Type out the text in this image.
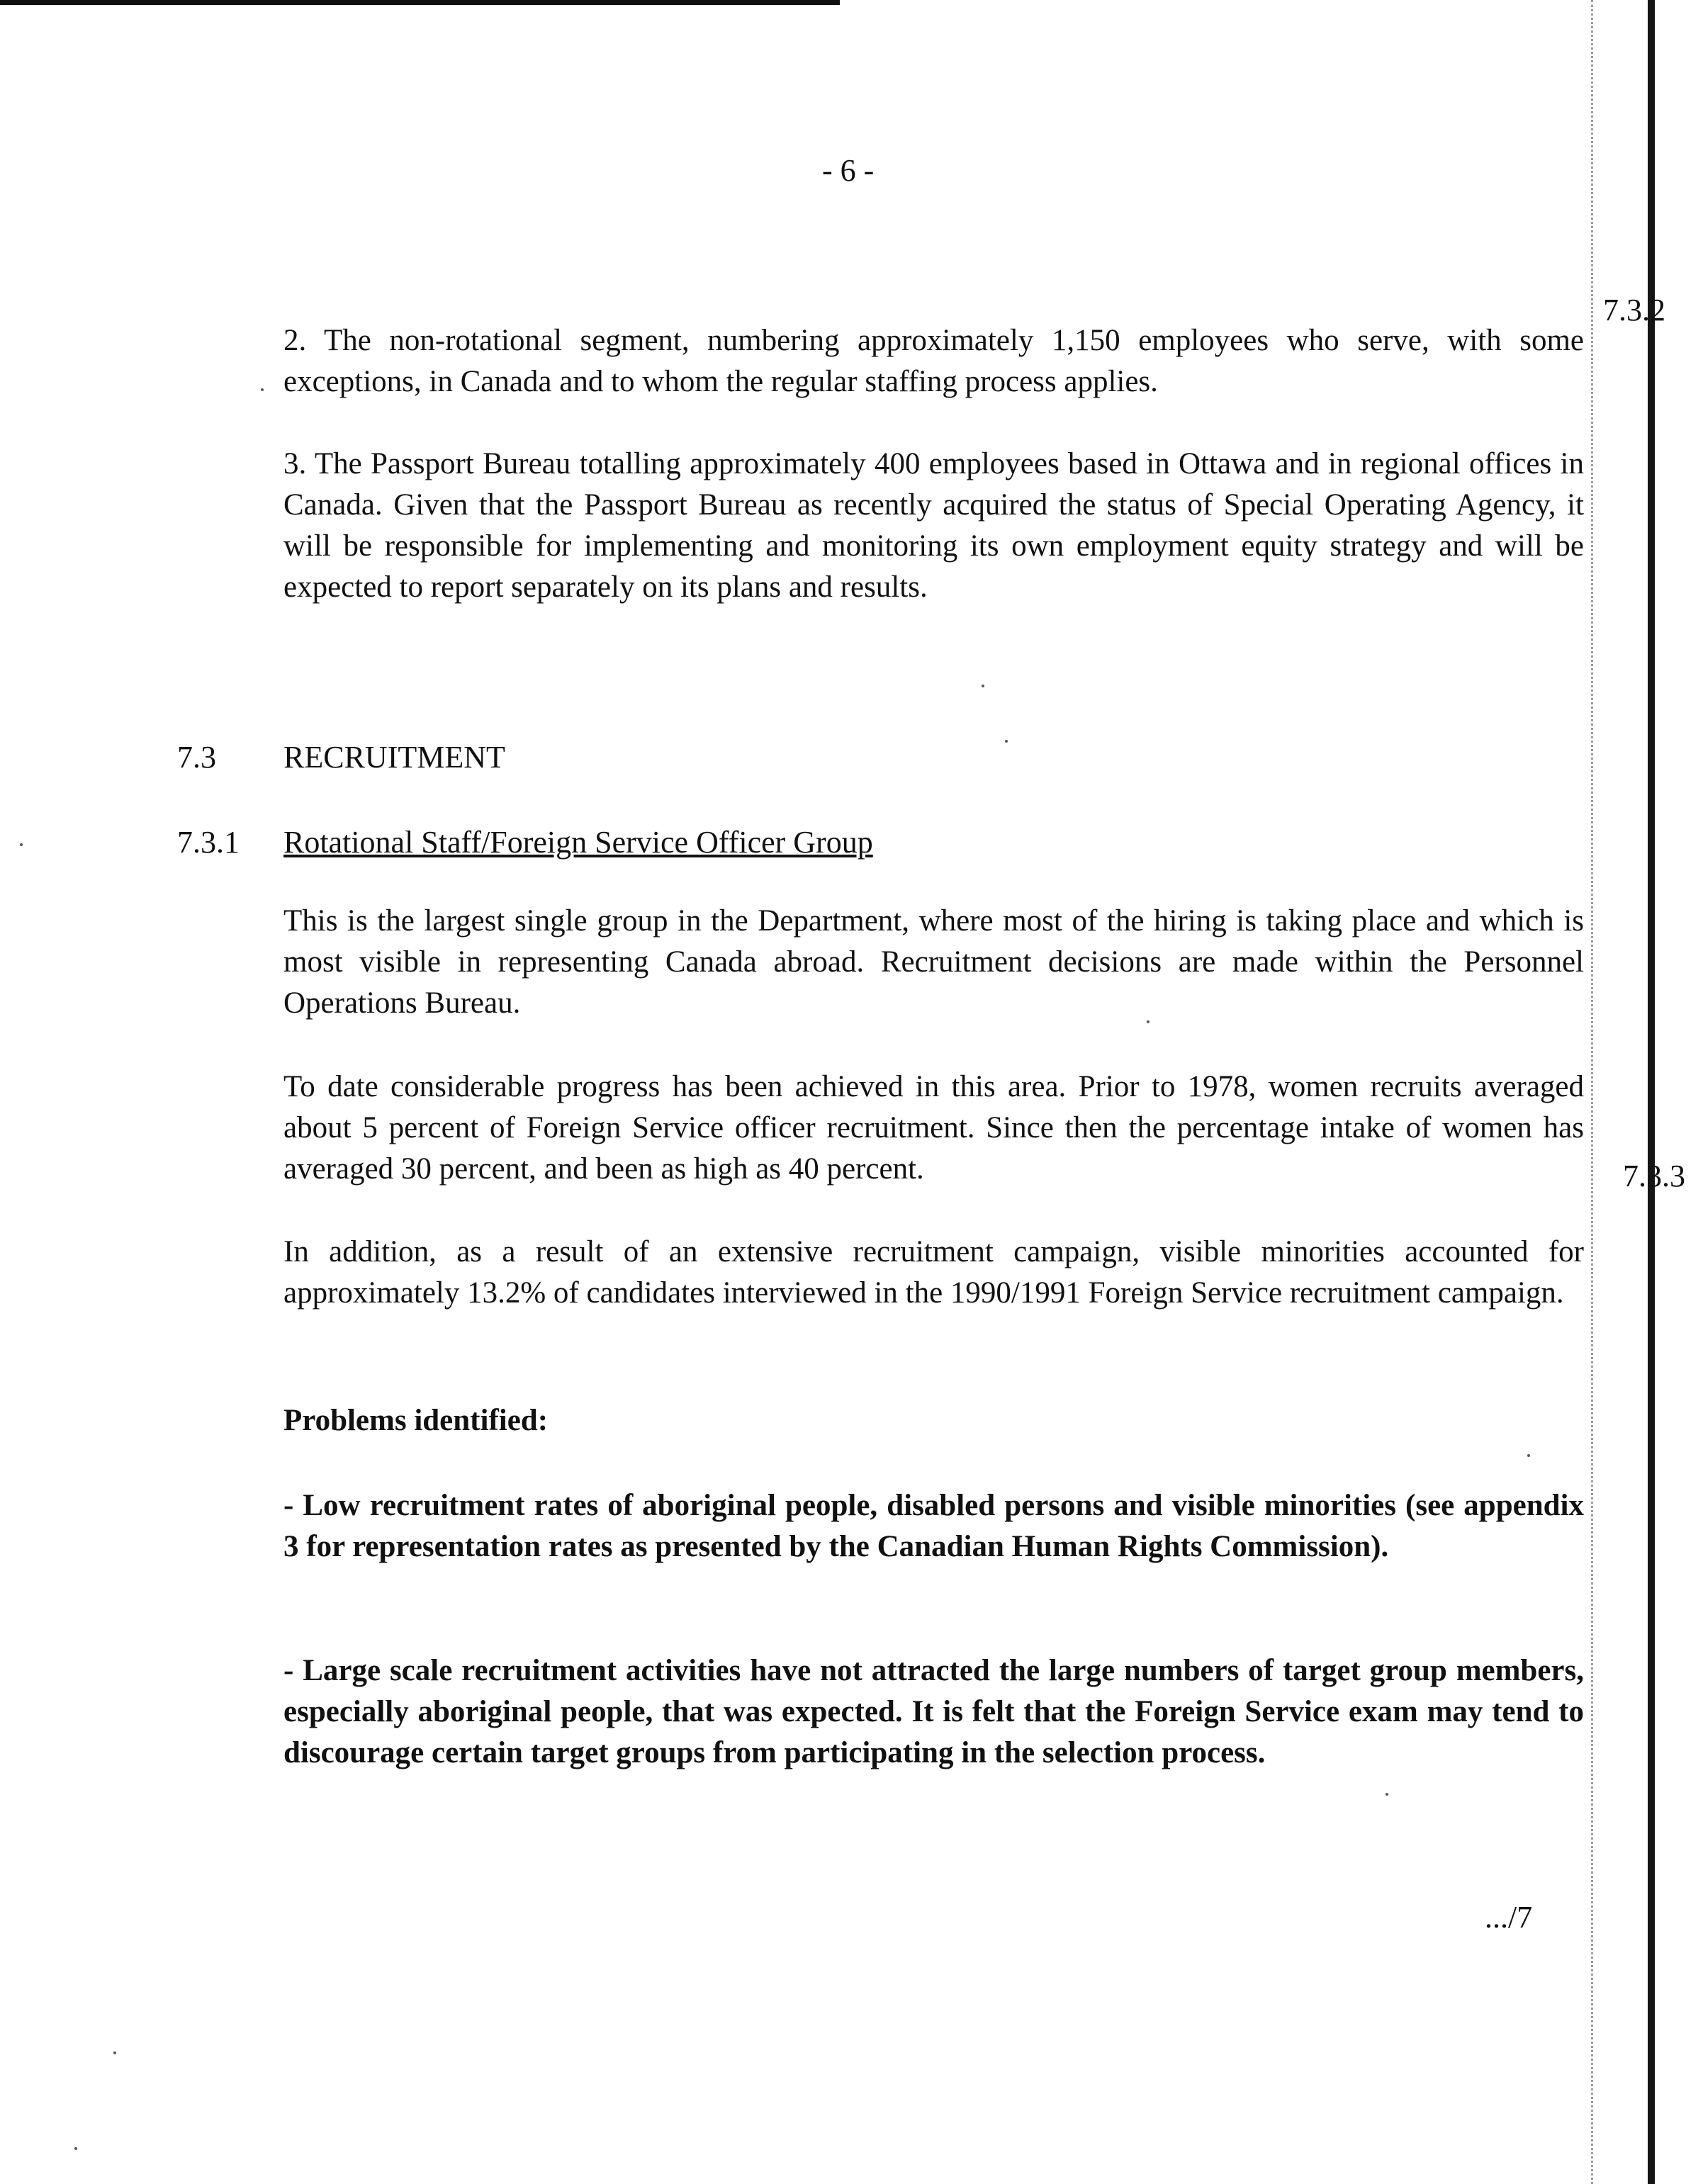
- 6 -
7.3.2
7.3.3

2. The non-rotational segment, numbering approximately 1,150 employees who serve, with some exceptions, in Canada and to whom the regular staffing process applies.

3. The Passport Bureau totalling approximately 400 employees based in Ottawa and in regional offices in Canada. Given that the Passport Bureau as recently acquired the status of Special Operating Agency, it will be responsible for implementing and monitoring its own employment equity strategy and will be expected to report separately on its plans and results.

7.3 RECRUITMENT
7.3.1 Rotational Staff/Foreign Service Officer Group

This is the largest single group in the Department, where most of the hiring is taking place and which is most visible in representing Canada abroad. Recruitment decisions are made within the Personnel Operations Bureau.

To date considerable progress has been achieved in this area. Prior to 1978, women recruits averaged about 5 percent of Foreign Service officer recruitment. Since then the percentage intake of women has averaged 30 percent, and been as high as 40 percent.

In addition, as a result of an extensive recruitment campaign, visible minorities accounted for approximately 13.2% of candidates interviewed in the 1990/1991 Foreign Service recruitment campaign.

Problems identified:

- Low recruitment rates of aboriginal people, disabled persons and visible minorities (see appendix 3 for representation rates as presented by the Canadian Human Rights Commission).

- Large scale recruitment activities have not attracted the large numbers of target group members, especially aboriginal people, that was expected. It is felt that the Foreign Service exam may tend to discourage certain target groups from participating in the selection process.

.../7
